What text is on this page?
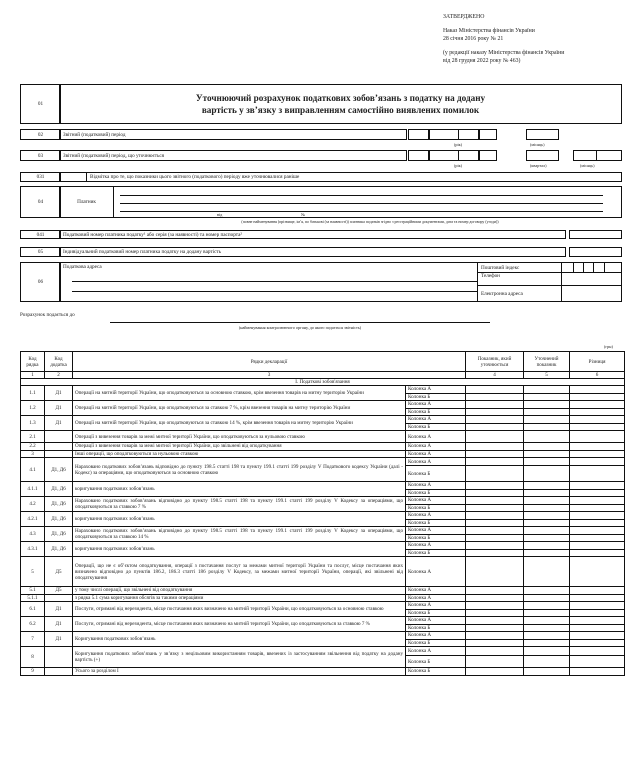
ЗАТВЕРДЖЕНО
Наказ Міністерства фінансів України
28 січня 2016 року № 21
(у редакції наказу Міністерства фінансів України
від 28 грудня 2022 року № 463)
01
Уточнюючий розрахунок податкових зобов’язань з податку на додану
вартість у зв’язку з виправленням самостійно виявлених помилок
02	Звітний (податковий) період
(рік)	(місяць)
03	Звітний (податковий) період, що уточнюється
(рік)	(квартал)	(місяць)
031	Відмітка про те, що показники цього звітного (податкового) періоду вже уточнювалися раніше
04	Платник
від	№
(повне найменування (прізвище, ім’я, по батькові (за наявності)) платника податків згідно з реєстраційними документами, дата та номер договору (угоди))
041	Податковий номер платника податку¹ або серія (за наявності) та номер паспорта²
05	Індивідуальний податковий номер платника податку на додану вартість
06
Податкова адреса	Поштовий індекс
Телефон
Електронна адреса
Розрахунок подається до
(найменування контролюючого органу, до якого подається звітність)
(грн)
Код рядка	Код додатка	Рядки декларації		Показник, який уточнюється	Уточнений показник	Різниця
1	2	3		4	5	6
I. Податкові зобов'язання						
1.1	Д1	Операції на митній території України, що оподатковуються за основною ставкою, крім ввезення товарів на митну територію України	Колонка А			
			Колонка Б			
1.2	Д1	Операції на митній території України, що оподатковуються за ставкою 7 %, крім ввезення товарів на митну територію України	Колонка А			
			Колонка Б			
1.3	Д1	Операції на митній території України, що оподатковуються за ставкою 14 %, крім ввезення товарів на митну територію України	Колонка А			
			Колонка Б			
2.1		Операції з вивезення товарів за межі митної території України, що оподатковуються за нульовою ставкою	Колонка А			
2.2		Операції з вивезення товарів за межі митної території України, що звільнені від оподаткування	Колонка А			
3		Інші операції, що оподатковуються за нульовою ставкою	Колонка А			
4.1	Д1, Д6	Нараховано податкових зобов’язань відповідно до пункту 198.5 статті 198 та пункту 199.1 статті 199 розділу V Податкового кодексу України (далі - Кодекс) за операціями, що оподатковуються за основною ставкою	Колонка А			
			Колонка Б			
4.1.1	Д1, Д6	коригування податкових зобов’язань	Колонка А			
			Колонка Б			
4.2	Д1, Д6	Нараховано податкових зобов’язань відповідно до пункту 198.5 статті 198 та пункту 199.1 статті 199 розділу V Кодексу за операціями, що оподатковуються за ставкою 7 %	Колонка А			
			Колонка Б			
4.2.1	Д1, Д6	коригування податкових зобов’язань	Колонка А			
			Колонка Б			
4.3	Д1, Д6	Нараховано податкових зобов’язань відповідно до пункту 198.5 статті 198 та пункту 199.1 статті 199 розділу V Кодексу за операціями, що оподатковуються за ставкою 14 %	Колонка А			
			Колонка Б			
4.3.1	Д1, Д6	коригування податкових зобов’язань	Колонка А			
			Колонка Б			
5	Д5	Операції, що не є об’єктом оподаткування, операції з постачання послуг за межами митної території України та послуг, місце постачання яких визначено відповідно до пунктів 186.2, 186.3 статті 186 розділу V Кодексу, за межами митної території України, операції, які звільнені від оподаткування	Колонка А			
5.1	Д5	у тому числі операції, що звільнені від оподаткування	Колонка А			
5.1.1		з рядка 5.1 сума коригування обсягів за такими операціями	Колонка А			
6.1	Д1	Послуги, отримані від нерезидента, місце постачання яких визначено на митній території України, що оподатковуються за основною ставкою	Колонка А			
			Колонка Б			
6.2	Д1	Послуги, отримані від нерезидента, місце постачання яких визначено на митній території України, що оподатковуються за ставкою 7 %	Колонка А			
			Колонка Б			
7	Д1	Коригування податкових зобов’язань	Колонка А			
			Колонка Б			
8		Коригування податкових зобов’язань у зв’язку з нецільовим використанням товарів, ввезених із застосуванням звільнення від податку на додану вартість (+)	Колонка А			
			Колонка Б			
9		Усього за розділом I	Колонка Б			
